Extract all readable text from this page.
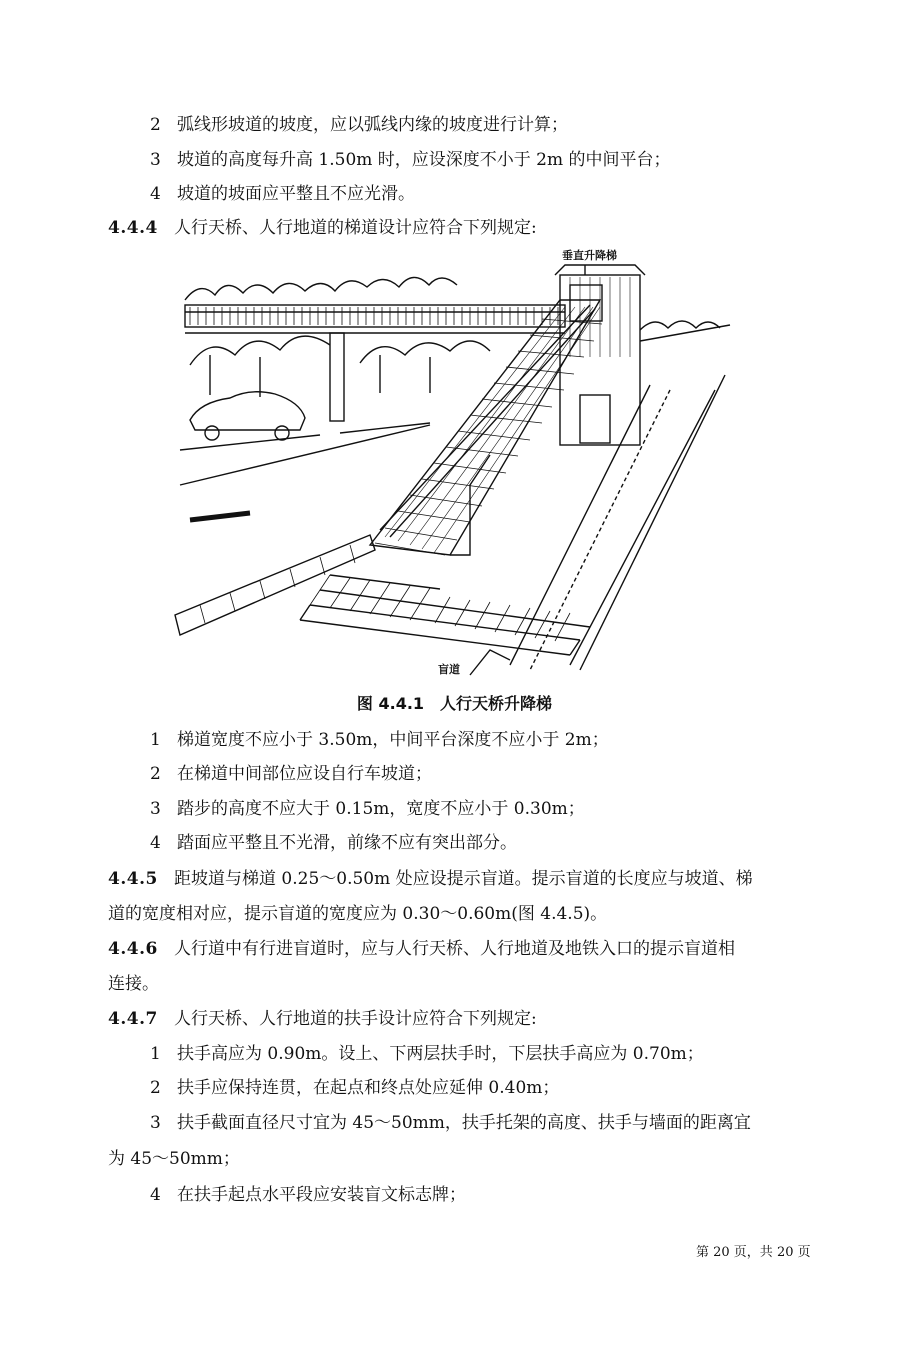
2 弧线形坡道的坡度，应以弧线内缘的坡度进行计算；
3 坡道的高度每升高 1.50m 时，应设深度不小于 2m 的中间平台；
4 坡道的坡面应平整且不应光滑。
4.4.4 人行天桥、人行地道的梯道设计应符合下列规定:
垂直升降梯
盲道
图 4.4.1　人行天桥升降梯
1 梯道宽度不应小于 3.50m，中间平台深度不应小于 2m；
2 在梯道中间部位应设自行车坡道；
3 踏步的高度不应大于 0.15m，宽度不应小于 0.30m；
4 踏面应平整且不光滑，前缘不应有突出部分。
4.4.5 距坡道与梯道 0.25～0.50m 处应设提示盲道。提示盲道的长度应与坡道、梯
道的宽度相对应，提示盲道的宽度应为 0.30～0.60m(图 4.4.5)。
4.4.6 人行道中有行进盲道时，应与人行天桥、人行地道及地铁入口的提示盲道相
连接。
4.4.7 人行天桥、人行地道的扶手设计应符合下列规定:
1 扶手高应为 0.90m。设上、下两层扶手时，下层扶手高应为 0.70m；
2 扶手应保持连贯，在起点和终点处应延伸 0.40m；
3 扶手截面直径尺寸宜为 45～50mm，扶手托架的高度、扶手与墙面的距离宜
为 45～50mm；
4 在扶手起点水平段应安装盲文标志牌；
第 20 页，共 20 页
